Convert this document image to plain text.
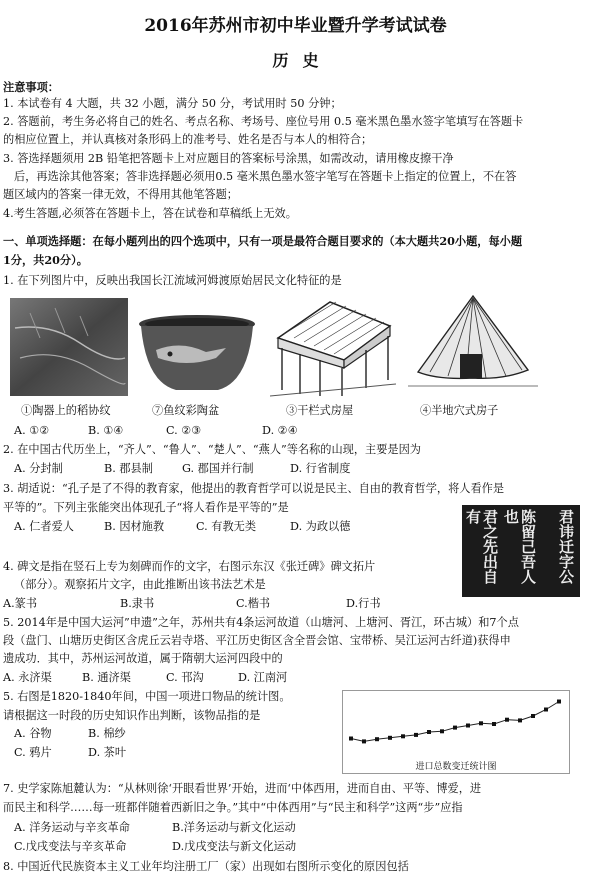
2016年苏州市初中毕业暨升学考试试卷
历史
注意事项：
1. 本试卷有 4 大题，共 32 小题，满分 50 分，考试用时 50 分钟；
2. 答题前，考生务必将自己的姓名、考点名称、考场号、座位号用 0.5 毫米黑色墨水签字笔填写在答题卡
的相应位置上，并认真核对条形码上的准考号、姓名是否与本人的相符合；
3. 答选择题须用 2B 铅笔把答题卡上对应题目的答案标号涂黑，如需改动，请用橡皮擦干净
后，再选涂其他答案；答非选择题必须用0.5 毫米黑色墨水签字笔写在答题卡上指定的位置上，不在答
题区域内的答案一律无效，不得用其他笔答题；
4.考生答题,必须答在答题卡上，答在试卷和草稿纸上无效。
一、单项选择题：在每小题列出的四个选项中，只有一项是最符合题目要求的（本大题共20小题，每小题
1分，共20分）。
1. 在下列图片中，反映出我国长江流域河姆渡原始居民文化特征的是
①陶器上的稻协纹	⑦鱼纹彩陶盆	③干栏式房屋	④半地穴式房子
A. ①②	B. ①④	C. ②③	D. ②④
2. 在中国古代历坐上，“齐人”、“鲁人”、“楚人”、“燕人”等名称的山现，主要是因为
A. 分封制	B. 郡县制	G. 郡国并行制	D. 行省制度
3. 胡适说：“孔子是了不得的教育家，他提出的教育哲学可以说是民主、自由的教育哲学，将人看作是
平等的”。下列主张能突出体现孔子“将人看作是平等的”是
A. 仁者爱人	B. 因材施教	C. 有教无类	D. 为政以德	君讳迁字公
陈留己吾人也
君之先出自有
4. 碑文是指在竖石上专为刻碑而作的文字，右图示东汉《张迁碑》碑文拓片
（部分）。观察拓片文字，由此推断出该书法艺术是
A.篆书	B.隶书	C.楷书	D.行书
5. 2014年是中国大运河”申遗”之年，苏州共有4条运河故道（山塘河、上塘河、胥江，环古城）和7个点
段（盘门、山塘历史街区含虎丘云岩寺塔、平江历史街区含全晋会馆、宝带桥、吴江运河古纤道)获得申
遗成功．其中，苏州运河故道，属于隋朝大运河四段中的
A. 永济渠	B. 通济渠	C. 邗沟	D. 江南河
5. 右图是1820-1840年间，中国一项进口物品的统计图。
请根据这一时段的历史知识作出判断，该物品指的是
A. 谷物	B. 棉纱
C. 鸦片	D. 茶叶
进口总数变迁统计图
7. 史学家陈旭麓认为：“从林则徐‘开眼看世界’开始，进而‘中体西用，进而自由、平等、博爱，进
而民主和科学……每一班都伴随着西新旧之争。”其中“中体西用”与“民主和科学”这两“步”应指
A. 洋务运动与辛亥革命	B.洋务运动与新文化运动
C.戊戌变法与辛亥革命	D.戊戌变法与新文化运动
8. 中国近代民族资本主义工业年均注册工厂（家）出现如右图所示变化的原因包括
